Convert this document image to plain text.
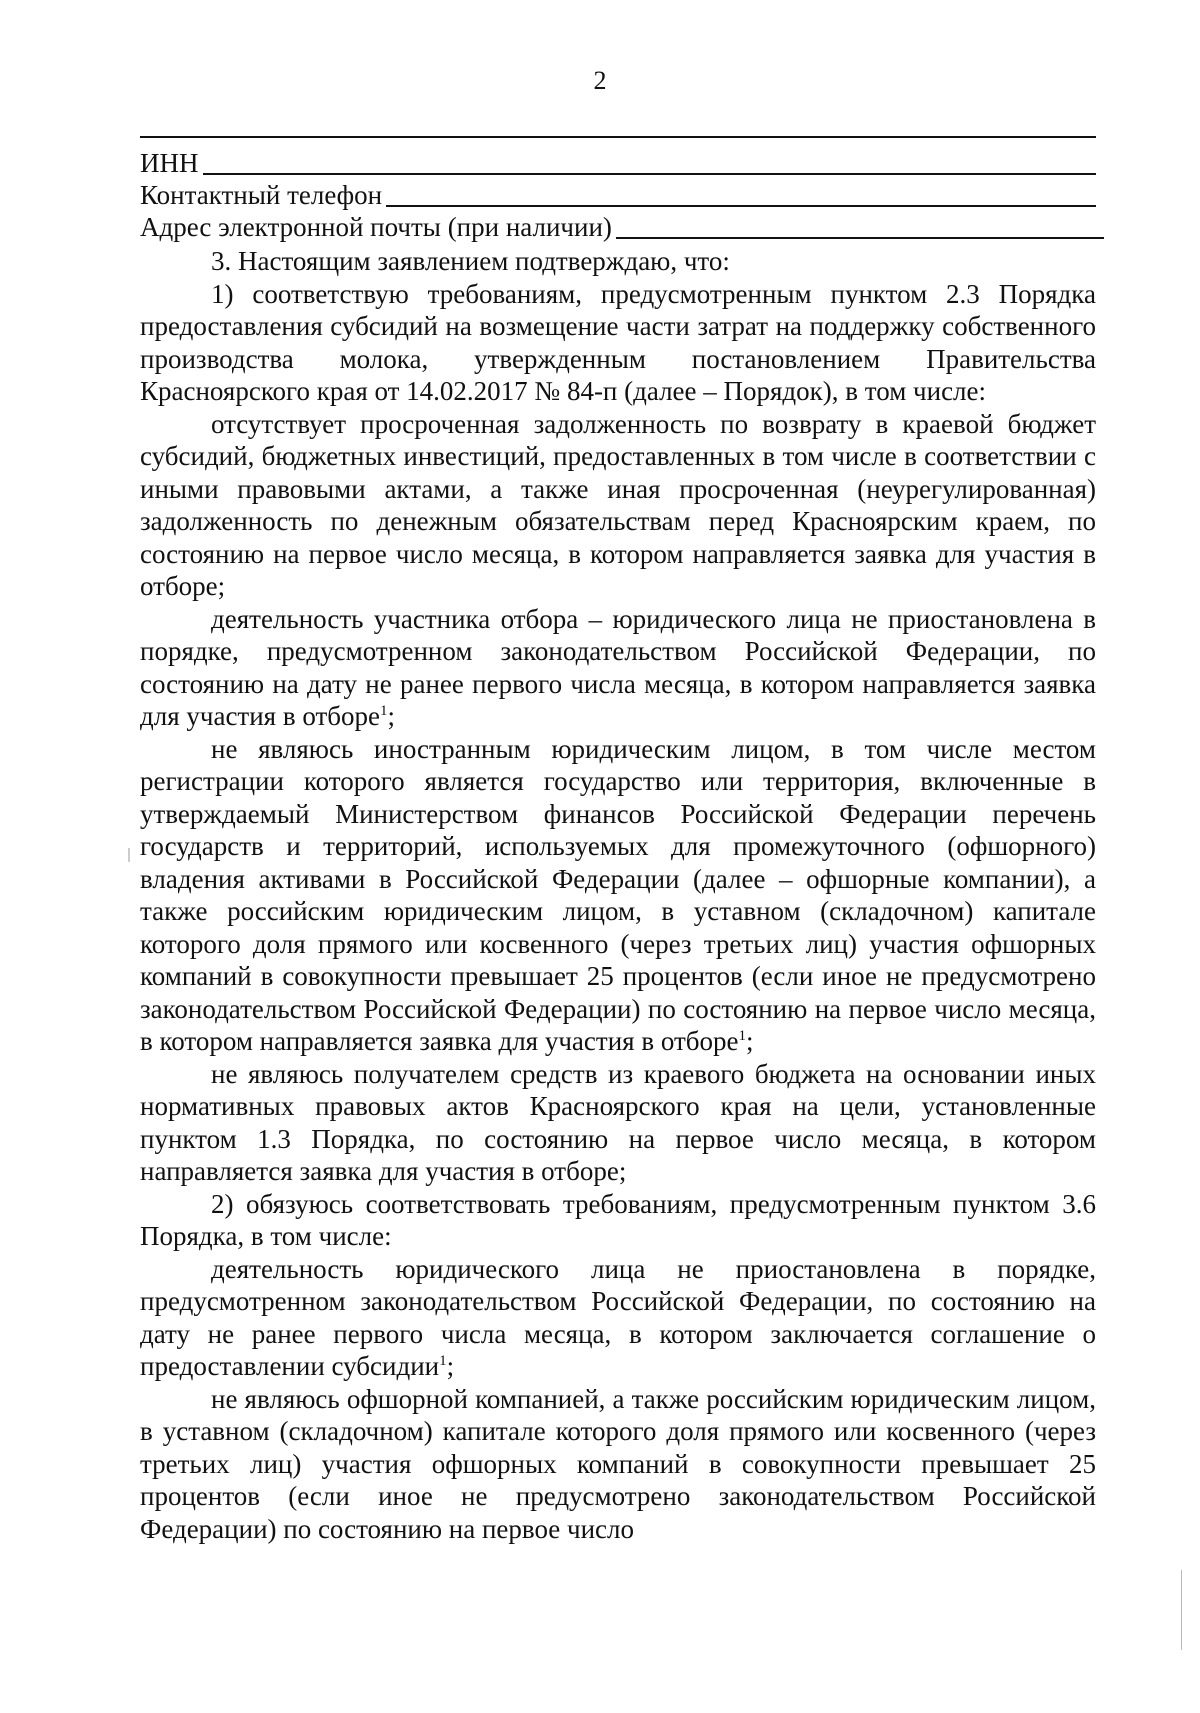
2
ИНН
Контактный телефон
Адрес электронной почты (при наличии)

3. Настоящим заявлением подтверждаю, что:

1) соответствую требованиям, предусмотренным пунктом 2.3 Порядка предоставления субсидий на возмещение части затрат на поддержку собственного производства молока, утвержденным постановлением Правительства Красноярского края от 14.02.2017 № 84-п (далее – Порядок), в том числе:

отсутствует просроченная задолженность по возврату в краевой бюджет субсидий, бюджетных инвестиций, предоставленных в том числе в соответствии с иными правовыми актами, а также иная просроченная (неурегулированная) задолженность по денежным обязательствам перед Красноярским краем, по состоянию на первое число месяца, в котором направляется заявка для участия в отборе;

деятельность участника отбора – юридического лица не приостановлена в порядке, предусмотренном законодательством Российской Федерации, по состоянию на дату не ранее первого числа месяца, в котором направляется заявка для участия в отборе$^1$;

не являюсь иностранным юридическим лицом, в том числе местом регистрации которого является государство или территория, включенные в утверждаемый Министерством финансов Российской Федерации перечень государств и территорий, используемых для промежуточного (офшорного) владения активами в Российской Федерации (далее – офшорные компании), а также российским юридическим лицом, в уставном (складочном) капитале которого доля прямого или косвенного (через третьих лиц) участия офшорных компаний в совокупности превышает 25 процентов (если иное не предусмотрено законодательством Российской Федерации) по состоянию на первое число месяца, в котором направляется заявка для участия в отборе$^1$;

не являюсь получателем средств из краевого бюджета на основании иных нормативных правовых актов Красноярского края на цели, установленные пунктом 1.3 Порядка, по состоянию на первое число месяца, в котором направляется заявка для участия в отборе;

2) обязуюсь соответствовать требованиям, предусмотренным пунктом 3.6 Порядка, в том числе:

деятельность юридического лица не приостановлена в порядке, предусмотренном законодательством Российской Федерации, по состоянию на дату не ранее первого числа месяца, в котором заключается соглашение о предоставлении субсидии$^1$;

не являюсь офшорной компанией, а также российским юридическим лицом, в уставном (складочном) капитале которого доля прямого или косвенного (через третьих лиц) участия офшорных компаний в совокупности превышает 25 процентов (если иное не предусмотрено законодательством Российской Федерации) по состоянию на первое число
